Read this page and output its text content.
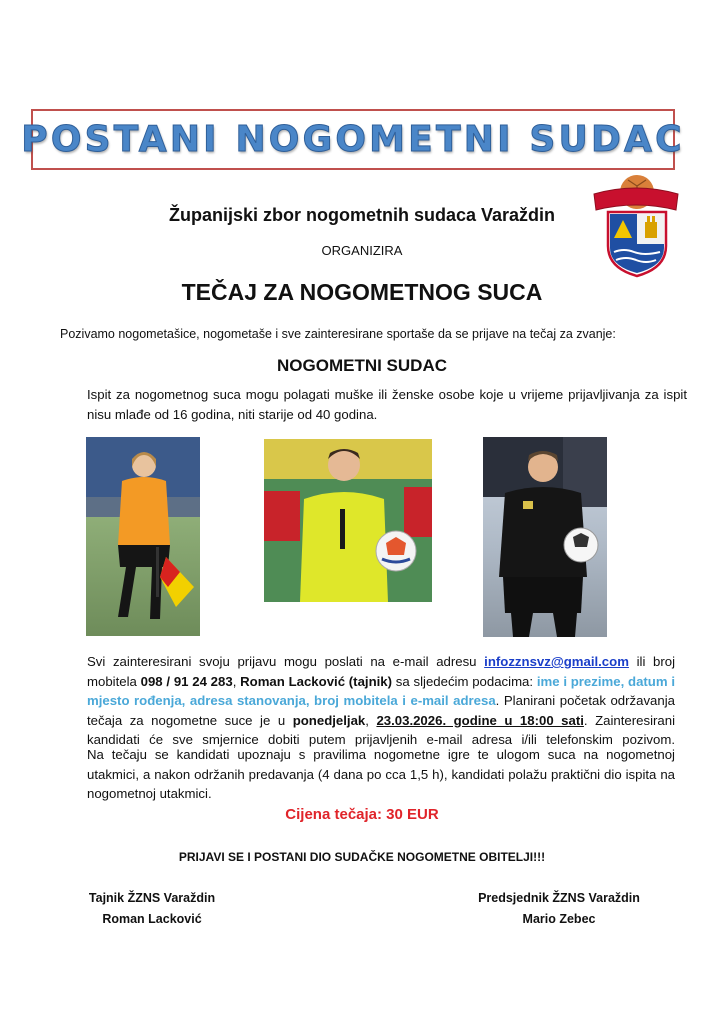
POSTANI NOGOMETNI SUDAC
Županijski zbor nogometnih sudaca Varaždin
ORGANIZIRA
TEČAJ ZA NOGOMETNOG SUCA
Pozivamo nogometašice, nogometaše i sve zainteresirane sportaše da se prijave na tečaj za zvanje:
NOGOMETNI SUDAC
Ispit za nogometnog suca mogu polagati muške ili ženske osobe koje u vrijeme prijavljivanja za ispit nisu mlađe od 16 godina, niti starije od 40 godina.
Svi zainteresirani svoju prijavu mogu poslati na e-mail adresu infozznsvz@gmail.com ili broj mobitela 098 / 91 24 283, Roman Lacković (tajnik) sa sljedećim podacima: ime i prezime, datum i mjesto rođenja, adresa stanovanja, broj mobitela i e-mail adresa. Planirani početak održavanja tečaja za nogometne suce je u ponedjeljak, 23.03.2026. godine u 18:00 sati. Zainteresirani kandidati će sve smjernice dobiti putem prijavljenih e-mail adresa i/ili telefonskim pozivom.
Na tečaju se kandidati upoznaju s pravilima nogometne igre te ulogom suca na nogometnoj utakmici, a nakon održanih predavanja (4 dana po cca 1,5 h), kandidati polažu praktični dio ispita na nogometnoj utakmici.
Cijena tečaja: 30 EUR
PRIJAVI SE I POSTANI DIO SUDAČKE NOGOMETNE OBITELJI!!!
Tajnik ŽZNS Varaždin
Roman Lacković
Predsjednik ŽZNS Varaždin
Mario Zebec
